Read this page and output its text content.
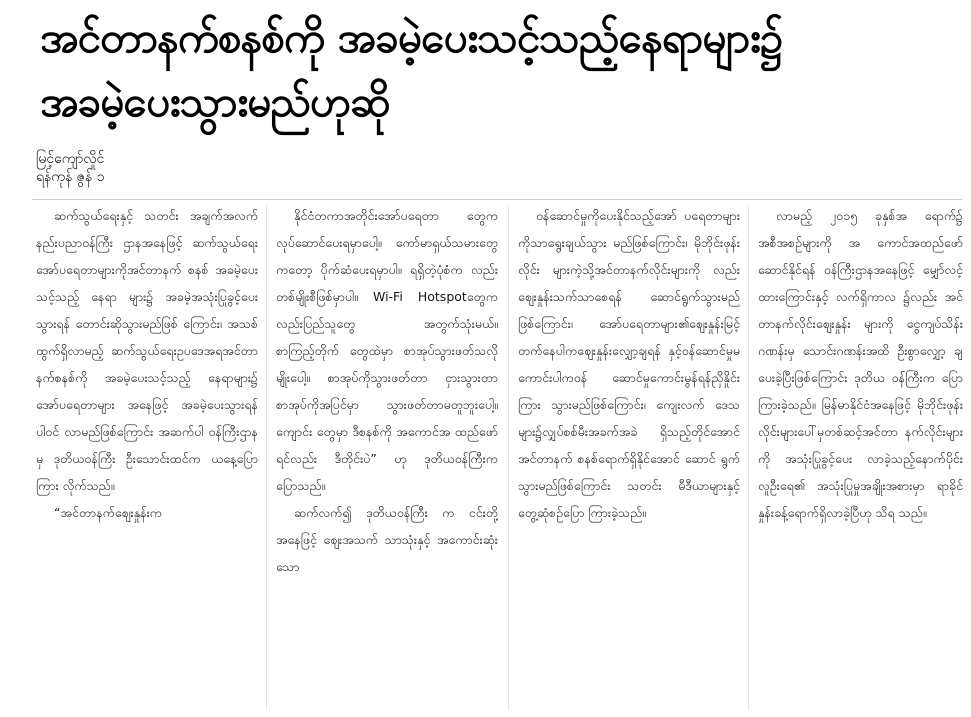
အင်တာနက်စနစ်ကို အခမဲ့ပေးသင့်သည့်နေရာများ၌
အခမဲ့ပေးသွားမည်ဟုဆို
မြင့်ကျော်လှိုင်
ရန်ကုန် ဇွန် ၁

ဆက်သွယ်ရေးနှင့် သတင်း အချက်အလက်နည်းပညာဝန်ကြီး ဌာနအနေဖြင့် ဆက်သွယ်ရေး အော်ပရေတာများကိုအင်တာနက် စနစ် အခမဲ့ပေးသင့်သည့် နေရာ များ၌ အခမဲ့အသုံးပြုခွင့်ပေး သွားရန် တောင်းဆိုသွားမည်ဖြစ် ကြောင်း၊ အသစ်ထွက်ရှိလာမည့် ဆက်သွယ်ရေးဥပဒေအရအင်တာ နက်စနစ်ကို အခမဲ့ပေးသင့်သည့် နေရာများ၌ အော်ပရေတာများ အနေဖြင့် အခမဲ့ပေးသွားရန် ပါဝင် လာမည်ဖြစ်ကြောင်း အဆက်ပါ ဝန်ကြီးဌာနမှ ဒုတိယဝန်ကြီး ဦးသောင်းထင်က ယနေ့ပြောကြား လိုက်သည်။

“အင်တာနက်ဈေးနှုန်းက

နိုင်ငံတကာအတိုင်းအော်ပရေတာ တွေကလုပ်ဆောင်ပေးရမှာပေါ့။ ကော်မာရှယ်သမားတွေကတော့ ပိုက်ဆံပေးရမှာပါ။ ရရှိတဲ့ပုံစံက လည်း တစ်မျိုးစီဖြစ်မှာပါ။ Wi-Fi Hotspotတွေကလည်းပြည်သူတွေ အတွက်သုံးမယ်။ စာကြည့်တိုက် တွေထဲမှာ စာအုပ်သွားဖတ်သလို မျိုးပေါ့။ စာအုပ်ကိုသွားဖတ်တာ ငှားသွားတာ စာအုပ်ကိုအပြင်မှာ သွားဖတ်တာမတူဘူးပေါ့။ကျောင်း တွေမှာ ဒီစနစ်ကို အကောင်အ ထည်ဖော်ရင်လည်း ဒီတိုင်းပဲ” ဟု ဒုတိယဝန်ကြီးကပြောသည်။

ဆက်လက်၍ ဒုတိယဝန်ကြီး က ငင်းတို့အနေဖြင့် ဈေးအသက် သာသုံးနှင့် အကောင်းဆုံးသော

ဝန်ဆောင်မှုကိုပေးနိုင်သည့်အော် ပရေတာများကိုသာရွေးချယ်သွား မည်ဖြစ်ကြောင်း၊ မိုဘိုင်းဖုန်းလိုင်း များကဲ့သို့အင်တာနက်လိုင်းများကို လည်း ဈေးနှုန်းသက်သာစေရန် ဆောင်ရွက်သွားမည်ဖြစ်ကြောင်း၊ အော်ပရေတာများ၏ဈေးနှုန်းမြင့် တက်နေပါကဈေးနှုန်းလျှော့ချရန် နှင့်ဝန်ဆောင်မှုမကောင်းပါကဝန် ဆောင်မှုကောင်းမွန်ရန်ညှိနှိုင်းကြား သွားမည်ဖြစ်ကြောင်း၊ ကျေးလက် ဒေသများ၌လျှပ်စစ်မီးအခက်အခဲ ရှိသည့်တိုင်အောင် အင်တာနက် စနစ်ရောက်ရှိနိုင်အောင် ဆောင် ရွက်သွားမည်ဖြစ်ကြောင်း သတင်း မီဒီယာများနှင့် တွေ့ဆုံစဉ်ပြော ကြားခဲ့သည်။

လာမည့် ၂၀၁၅ ခုနှစ်အ ရောက်၌ အစီအစဉ်များကို အ ကောင်အထည်ဖော်ဆောင်နိုင်ရန် ဝန်ကြီးဌာနအနေဖြင့် မျှော်လင့် ထားကြောင်းနှင့် လက်ရှိကာလ ၌လည်း အင်တာနက်လိုင်းဈေးနှုန်း များကို ငွေကျပ်သိန်းဂဏန်းမှ သောင်းဂဏန်းအထိ ဦးစွာလျှော့ ချပေးခဲ့ပြီးဖြစ်ကြောင်း ဒုတိယ ဝန်ကြီးက ပြောကြားခဲ့သည်။ မြန်မာနိုင်ငံအနေဖြင့် မိုဘိုင်းဖုန်း လိုင်းများပေါ်မှတစ်ဆင့်အင်တာ နက်လိုင်းများကို အသုံးပြုခွင့်ပေး လာခဲ့သည့်နောက်ပိုင်း လူဦးရေ၏ အသုံးပြုမှုအချိုးအစားမှာ ရာခိုင် နှုန်းခန့်ရောက်ရှိလာခဲ့ပြီဟု သိရ သည်။
